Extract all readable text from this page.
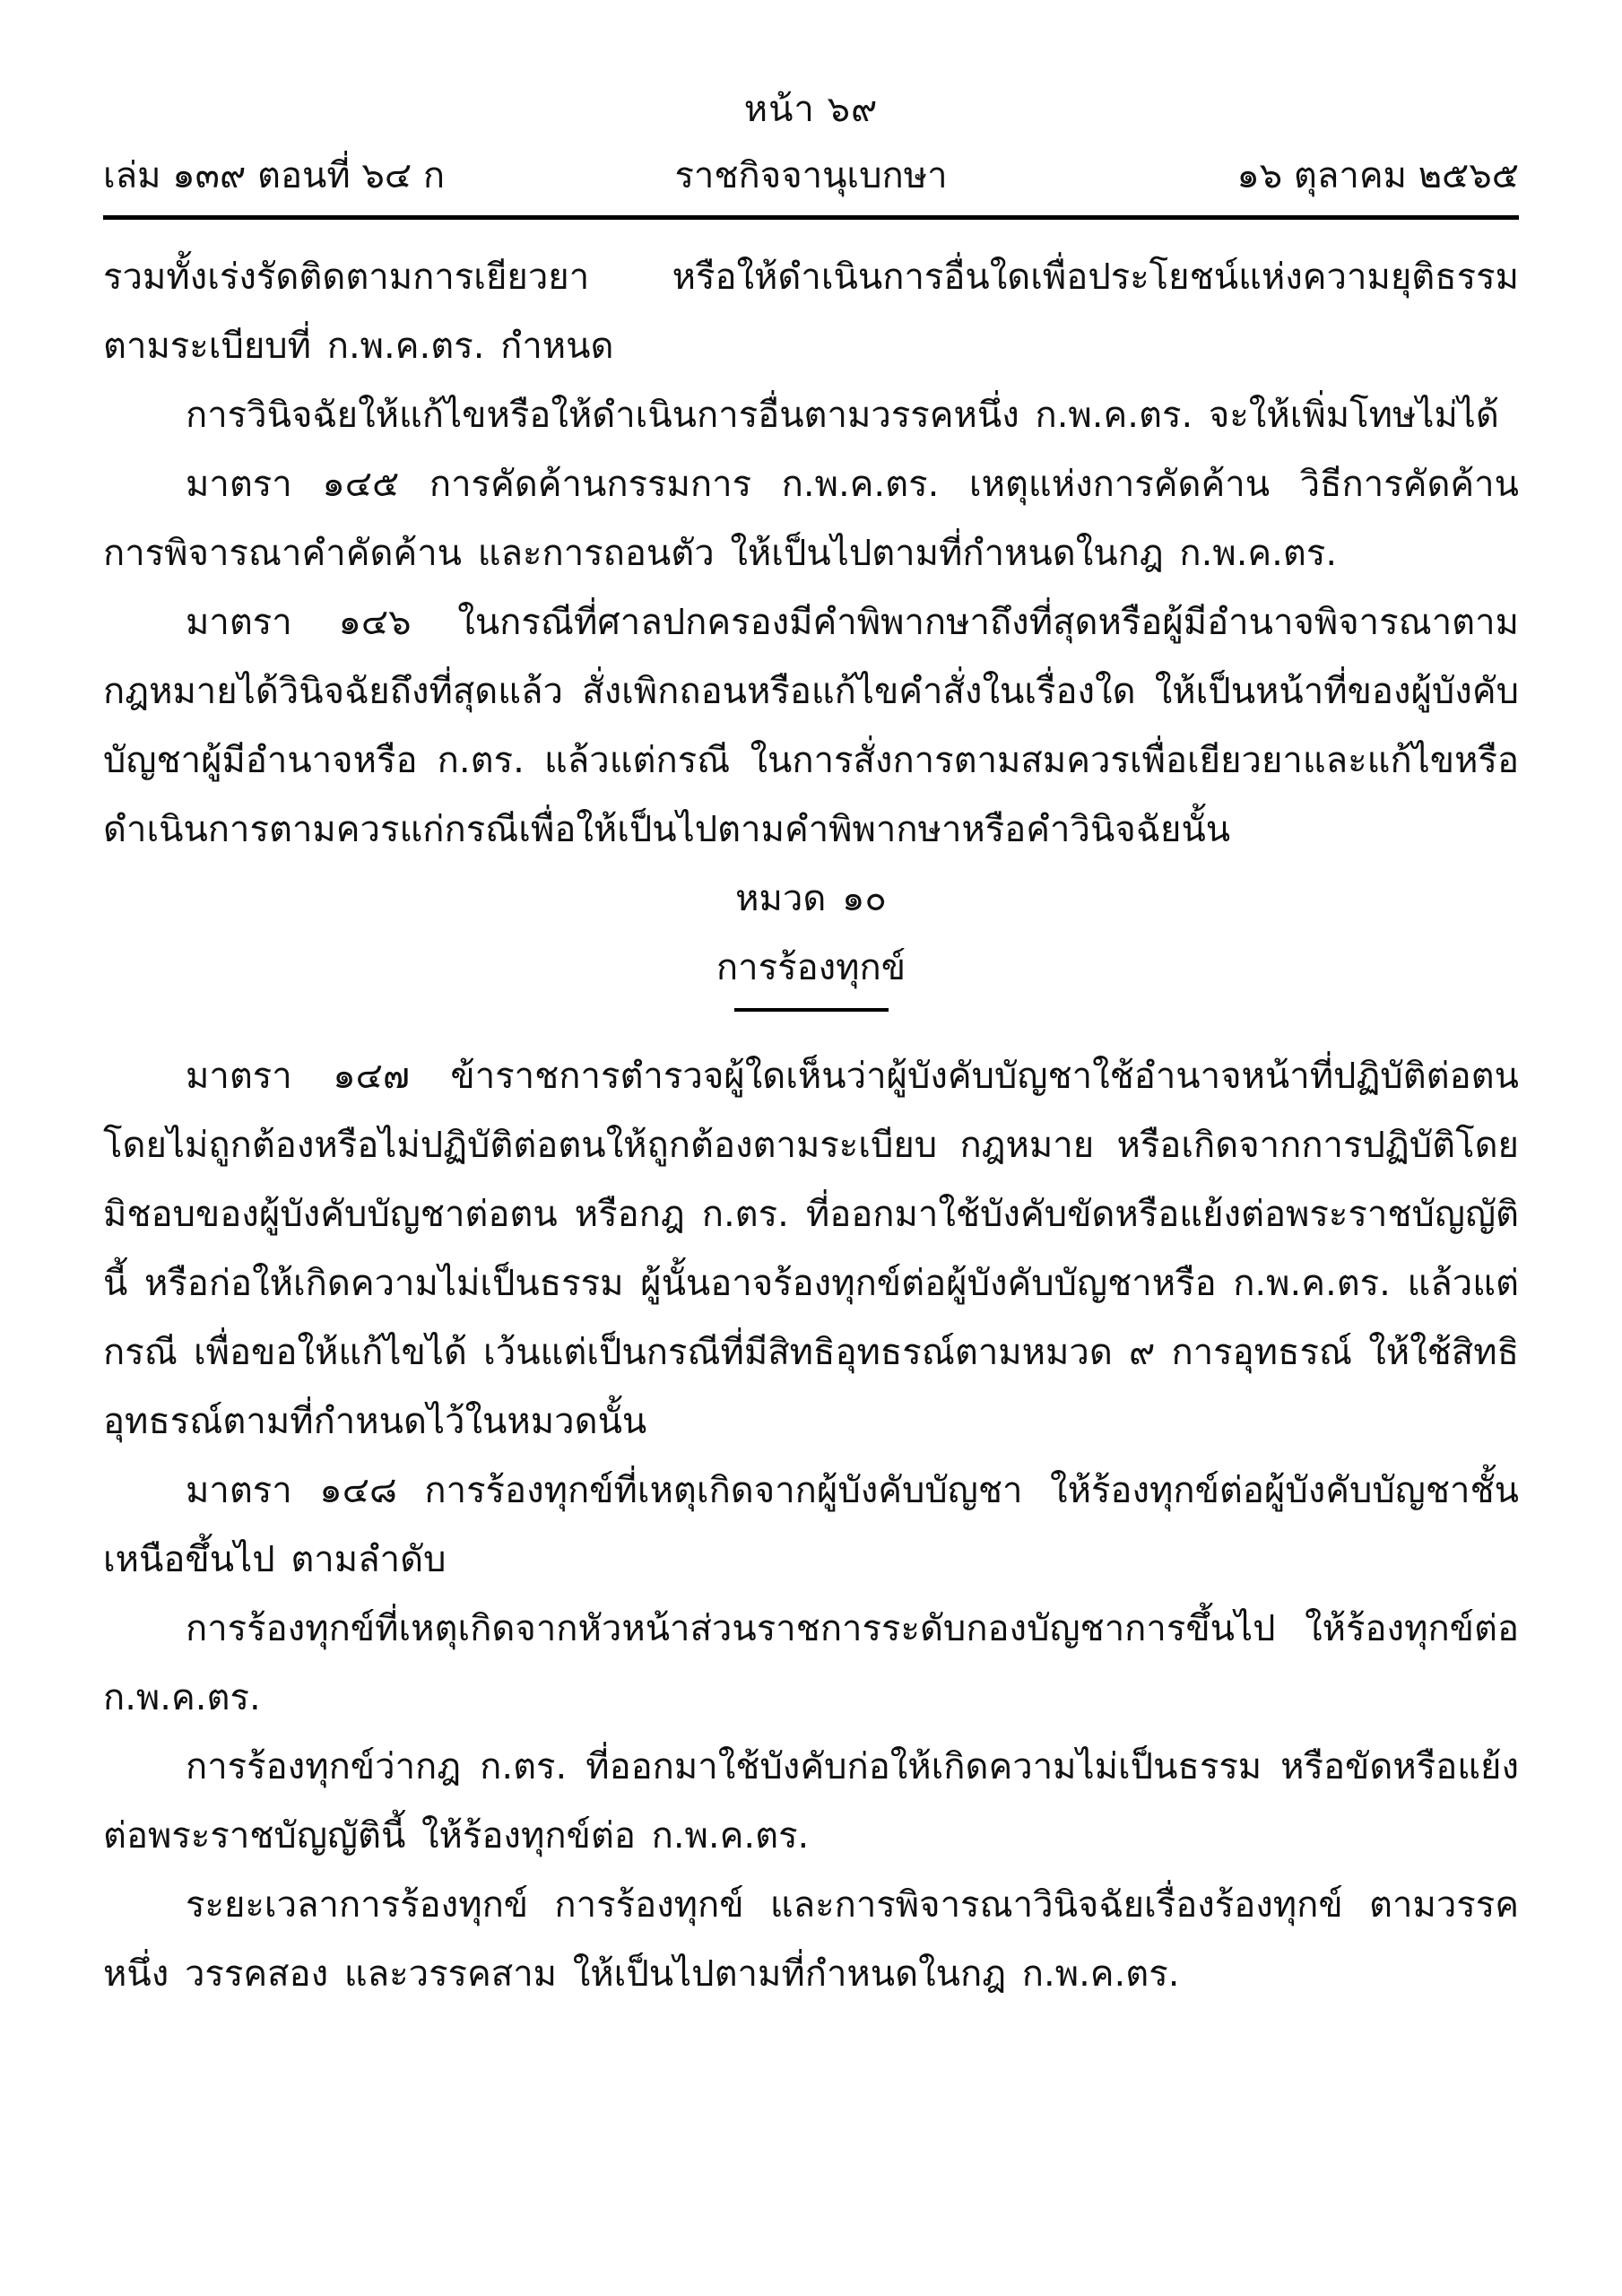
หน้า ๖๙
เล่ม ๑๓๙ ตอนที่ ๖๔ ก	ราชกิจจานุเบกษา	๑๖ ตุลาคม ๒๕๖๕

รวมทั้งเร่งรัดติดตามการเยียวยา หรือให้ดำเนินการอื่นใดเพื่อประโยชน์แห่งความยุติธรรม ตามระเบียบที่ ก.พ.ค.ตร. กำหนด

การวินิจฉัยให้แก้ไขหรือให้ดำเนินการอื่นตามวรรคหนึ่ง ก.พ.ค.ตร. จะให้เพิ่มโทษไม่ได้

มาตรา ๑๔๕ การคัดค้านกรรมการ ก.พ.ค.ตร. เหตุแห่งการคัดค้าน วิธีการคัดค้าน การพิจารณาคำคัดค้าน และการถอนตัว ให้เป็นไปตามที่กำหนดในกฎ ก.พ.ค.ตร.

มาตรา ๑๔๖ ในกรณีที่ศาลปกครองมีคำพิพากษาถึงที่สุดหรือผู้มีอำนาจพิจารณาตามกฎหมายได้วินิจฉัยถึงที่สุดแล้ว สั่งเพิกถอนหรือแก้ไขคำสั่งในเรื่องใด ให้เป็นหน้าที่ของผู้บังคับบัญชาผู้มีอำนาจหรือ ก.ตร. แล้วแต่กรณี ในการสั่งการตามสมควรเพื่อเยียวยาและแก้ไขหรือดำเนินการตามควรแก่กรณีเพื่อให้เป็นไปตามคำพิพากษาหรือคำวินิจฉัยนั้น

หมวด ๑๐
การร้องทุกข์

มาตรา ๑๔๗ ข้าราชการตำรวจผู้ใดเห็นว่าผู้บังคับบัญชาใช้อำนาจหน้าที่ปฏิบัติต่อตนโดยไม่ถูกต้องหรือไม่ปฏิบัติต่อตนให้ถูกต้องตามระเบียบ กฎหมาย หรือเกิดจากการปฏิบัติโดยมิชอบของผู้บังคับบัญชาต่อตน หรือกฎ ก.ตร. ที่ออกมาใช้บังคับขัดหรือแย้งต่อพระราชบัญญัตินี้ หรือก่อให้เกิดความไม่เป็นธรรม ผู้นั้นอาจร้องทุกข์ต่อผู้บังคับบัญชาหรือ ก.พ.ค.ตร. แล้วแต่กรณี เพื่อขอให้แก้ไขได้ เว้นแต่เป็นกรณีที่มีสิทธิอุทธรณ์ตามหมวด ๙ การอุทธรณ์ ให้ใช้สิทธิอุทธรณ์ตามที่กำหนดไว้ในหมวดนั้น

มาตรา ๑๔๘ การร้องทุกข์ที่เหตุเกิดจากผู้บังคับบัญชา ให้ร้องทุกข์ต่อผู้บังคับบัญชาชั้นเหนือขึ้นไป ตามลำดับ

การร้องทุกข์ที่เหตุเกิดจากหัวหน้าส่วนราชการระดับกองบัญชาการขึ้นไป ให้ร้องทุกข์ต่อ ก.พ.ค.ตร.

การร้องทุกข์ว่ากฎ ก.ตร. ที่ออกมาใช้บังคับก่อให้เกิดความไม่เป็นธรรม หรือขัดหรือแย้งต่อพระราชบัญญัตินี้ ให้ร้องทุกข์ต่อ ก.พ.ค.ตร.

ระยะเวลาการร้องทุกข์ การร้องทุกข์ และการพิจารณาวินิจฉัยเรื่องร้องทุกข์ ตามวรรคหนึ่ง วรรคสอง และวรรคสาม ให้เป็นไปตามที่กำหนดในกฎ ก.พ.ค.ตร.
